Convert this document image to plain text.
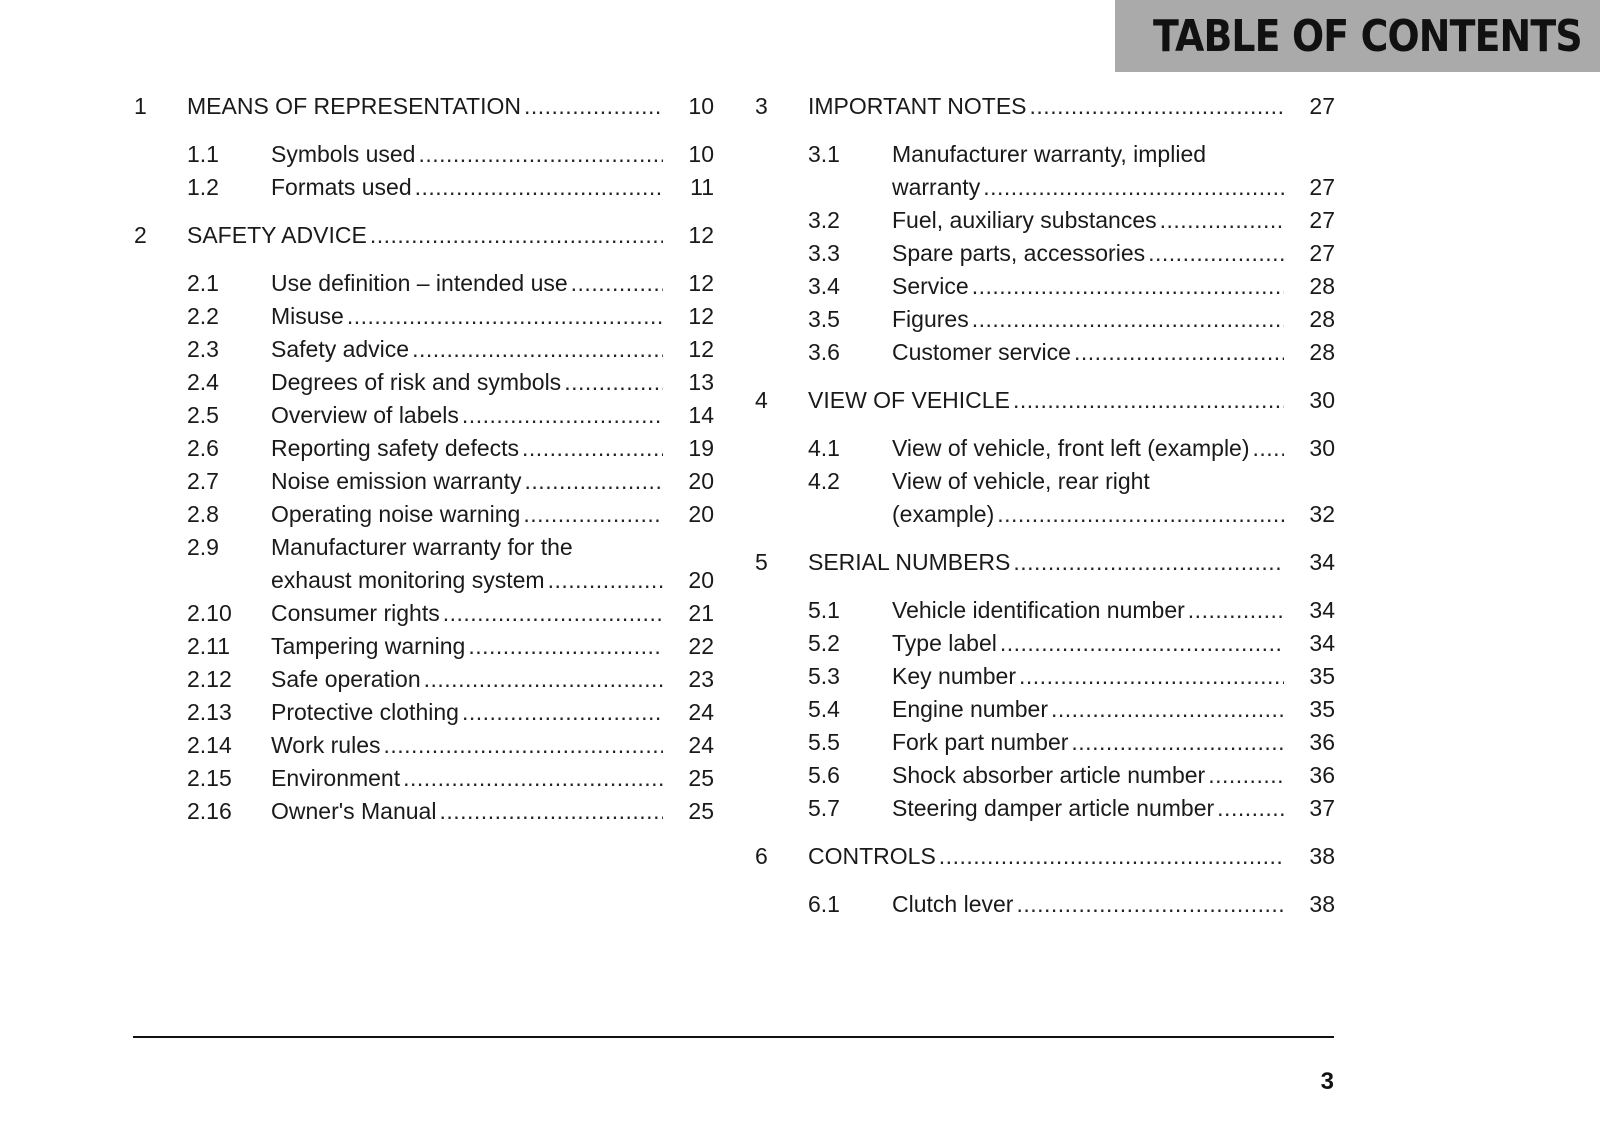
TABLE OF CONTENTS
1 MEANS OF REPRESENTATION .....	10
1.1 Symbols used .....	10
1.2 Formats used .....	11
2 SAFETY ADVICE .....	12
2.1 Use definition – intended use .....	12
2.2 Misuse .....	12
2.3 Safety advice .....	12
2.4 Degrees of risk and symbols .....	13
2.5 Overview of labels .....	14
2.6 Reporting safety defects .....	19
2.7 Noise emission warranty .....	20
2.8 Operating noise warning .....	20
2.9 Manufacturer warranty for the
exhaust monitoring system .....	20
2.10 Consumer rights .....	21
2.11 Tampering warning .....	22
2.12 Safe operation .....	23
2.13 Protective clothing .....	24
2.14 Work rules .....	24
2.15 Environment .....	25
2.16 Owner's Manual .....	25
3 IMPORTANT NOTES .....	27
3.1 Manufacturer warranty, implied
warranty .....	27
3.2 Fuel, auxiliary substances .....	27
3.3 Spare parts, accessories .....	27
3.4 Service .....	28
3.5 Figures .....	28
3.6 Customer service .....	28
4 VIEW OF VEHICLE .....	30
4.1 View of vehicle, front left (example) .....	30
4.2 View of vehicle, rear right
(example) .....	32
5 SERIAL NUMBERS .....	34
5.1 Vehicle identification number .....	34
5.2 Type label .....	34
5.3 Key number .....	35
5.4 Engine number .....	35
5.5 Fork part number .....	36
5.6 Shock absorber article number .....	36
5.7 Steering damper article number .....	37
6 CONTROLS .....	38
6.1 Clutch lever .....	38
3
